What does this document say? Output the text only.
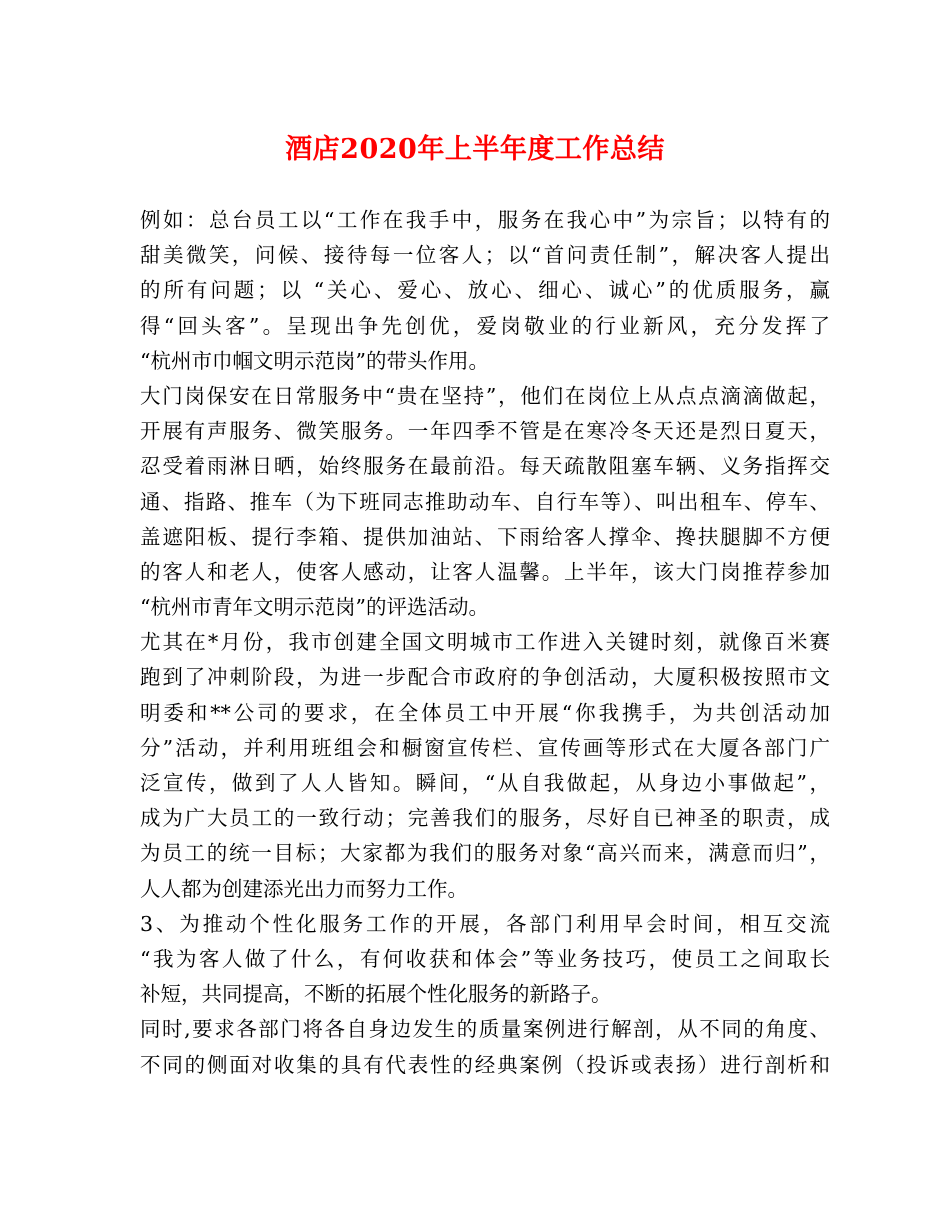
酒店2020年上半年度工作总结
例如：总台员工以“工作在我手中，服务在我心中”为宗旨；以特有的
甜美微笑，问候、接待每一位客人；以“首问责任制”，解决客人提出
的所有问题；以 “关心、爱心、放心、细心、诚心”的优质服务，赢
得“回头客”。呈现出争先创优，爱岗敬业的行业新风，充分发挥了
“杭州市巾帼文明示范岗”的带头作用。
大门岗保安在日常服务中“贵在坚持”，他们在岗位上从点点滴滴做起，
开展有声服务、微笑服务。一年四季不管是在寒冷冬天还是烈日夏天，
忍受着雨淋日晒，始终服务在最前沿。每天疏散阻塞车辆、义务指挥交
通、指路、推车（为下班同志推助动车、自行车等）、叫出租车、停车、
盖遮阳板、提行李箱、提供加油站、下雨给客人撑伞、搀扶腿脚不方便
的客人和老人，使客人感动，让客人温馨。上半年，该大门岗推荐参加
“杭州市青年文明示范岗”的评选活动。
尤其在*月份，我市创建全国文明城市工作进入关键时刻，就像百米赛
跑到了冲刺阶段，为进一步配合市政府的争创活动，大厦积极按照市文
明委和**公司的要求，在全体员工中开展“你我携手，为共创活动加
分”活动，并利用班组会和橱窗宣传栏、宣传画等形式在大厦各部门广
泛宣传，做到了人人皆知。瞬间，“从自我做起，从身边小事做起”，
成为广大员工的一致行动；完善我们的服务，尽好自已神圣的职责，成
为员工的统一目标；大家都为我们的服务对象“高兴而来，满意而归”，
人人都为创建添光出力而努力工作。
3、为推动个性化服务工作的开展，各部门利用早会时间，相互交流
“我为客人做了什么，有何收获和体会”等业务技巧，使员工之间取长
补短，共同提高，不断的拓展个性化服务的新路子。
同时,要求各部门将各自身边发生的质量案例进行解剖，从不同的角度、
不同的侧面对收集的具有代表性的经典案例（投诉或表扬）进行剖析和
